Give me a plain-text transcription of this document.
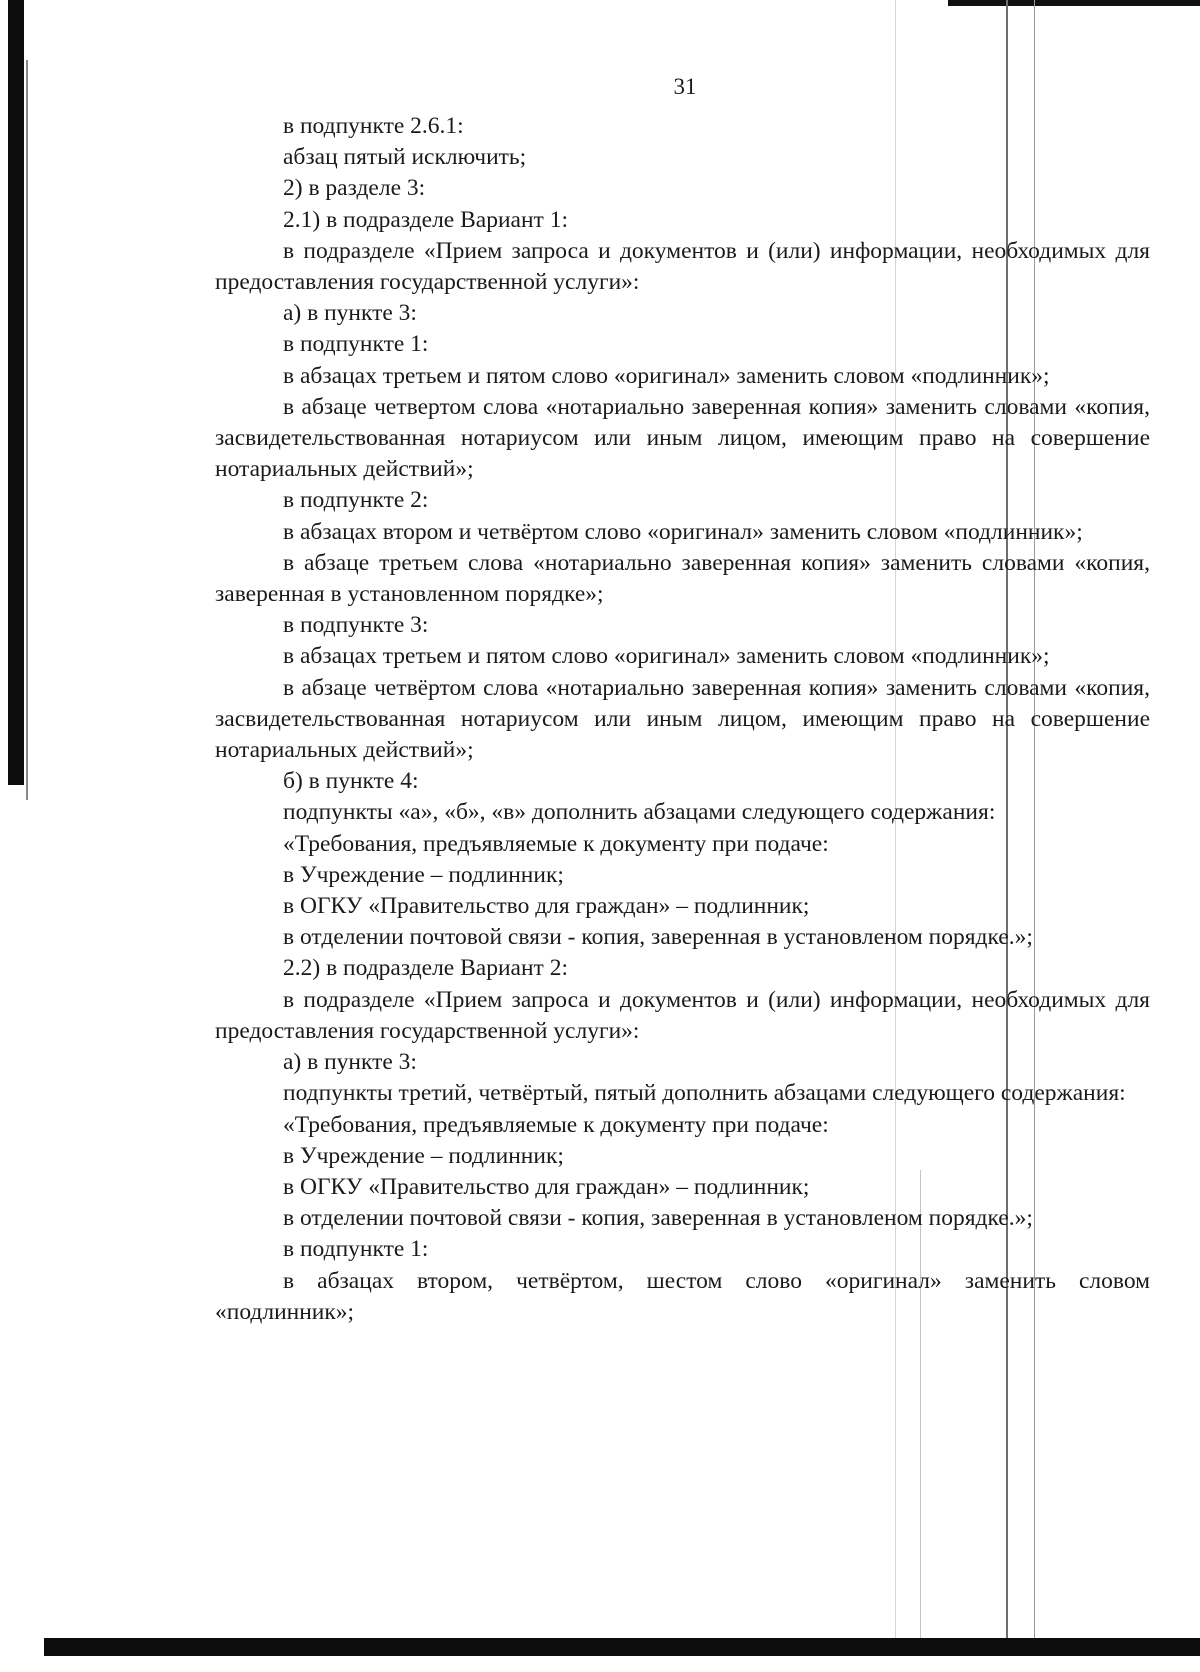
31

в подпункте 2.6.1:

абзац пятый исключить;

2) в разделе 3:

2.1) в подразделе Вариант 1:

в подразделе «Прием запроса и документов и (или) информации, необходимых для предоставления государственной услуги»:

а) в пункте 3:

в подпункте 1:

в абзацах третьем и пятом слово «оригинал» заменить словом «подлинник»;

в абзаце четвертом слова «нотариально заверенная копия» заменить словами «копия, засвидетельствованная нотариусом или иным лицом, имеющим право на совершение нотариальных действий»;

в подпункте 2:

в абзацах втором и четвёртом слово «оригинал» заменить словом «подлинник»;

в абзаце третьем слова «нотариально заверенная копия» заменить словами «копия, заверенная в установленном порядке»;

в подпункте 3:

в абзацах третьем и пятом слово «оригинал» заменить словом «подлинник»;

в абзаце четвёртом слова «нотариально заверенная копия» заменить словами «копия, засвидетельствованная нотариусом или иным лицом, имеющим право на совершение нотариальных действий»;

б) в пункте 4:

подпункты «а», «б», «в» дополнить абзацами следующего содержания:

«Требования, предъявляемые к документу при подаче:

в Учреждение – подлинник;

в ОГКУ «Правительство для граждан» – подлинник;

в отделении почтовой связи - копия, заверенная в установленом порядке.»;

2.2) в подразделе Вариант 2:

в подразделе «Прием запроса и документов и (или) информации, необходимых для предоставления государственной услуги»:

а) в пункте 3:

подпункты третий, четвёртый, пятый дополнить абзацами следующего содержания:

«Требования, предъявляемые к документу при подаче:

в Учреждение – подлинник;

в ОГКУ «Правительство для граждан» – подлинник;

в отделении почтовой связи - копия, заверенная в установленом порядке.»;

в подпункте 1:

в абзацах втором, четвёртом, шестом слово «оригинал» заменить словом «подлинник»;
